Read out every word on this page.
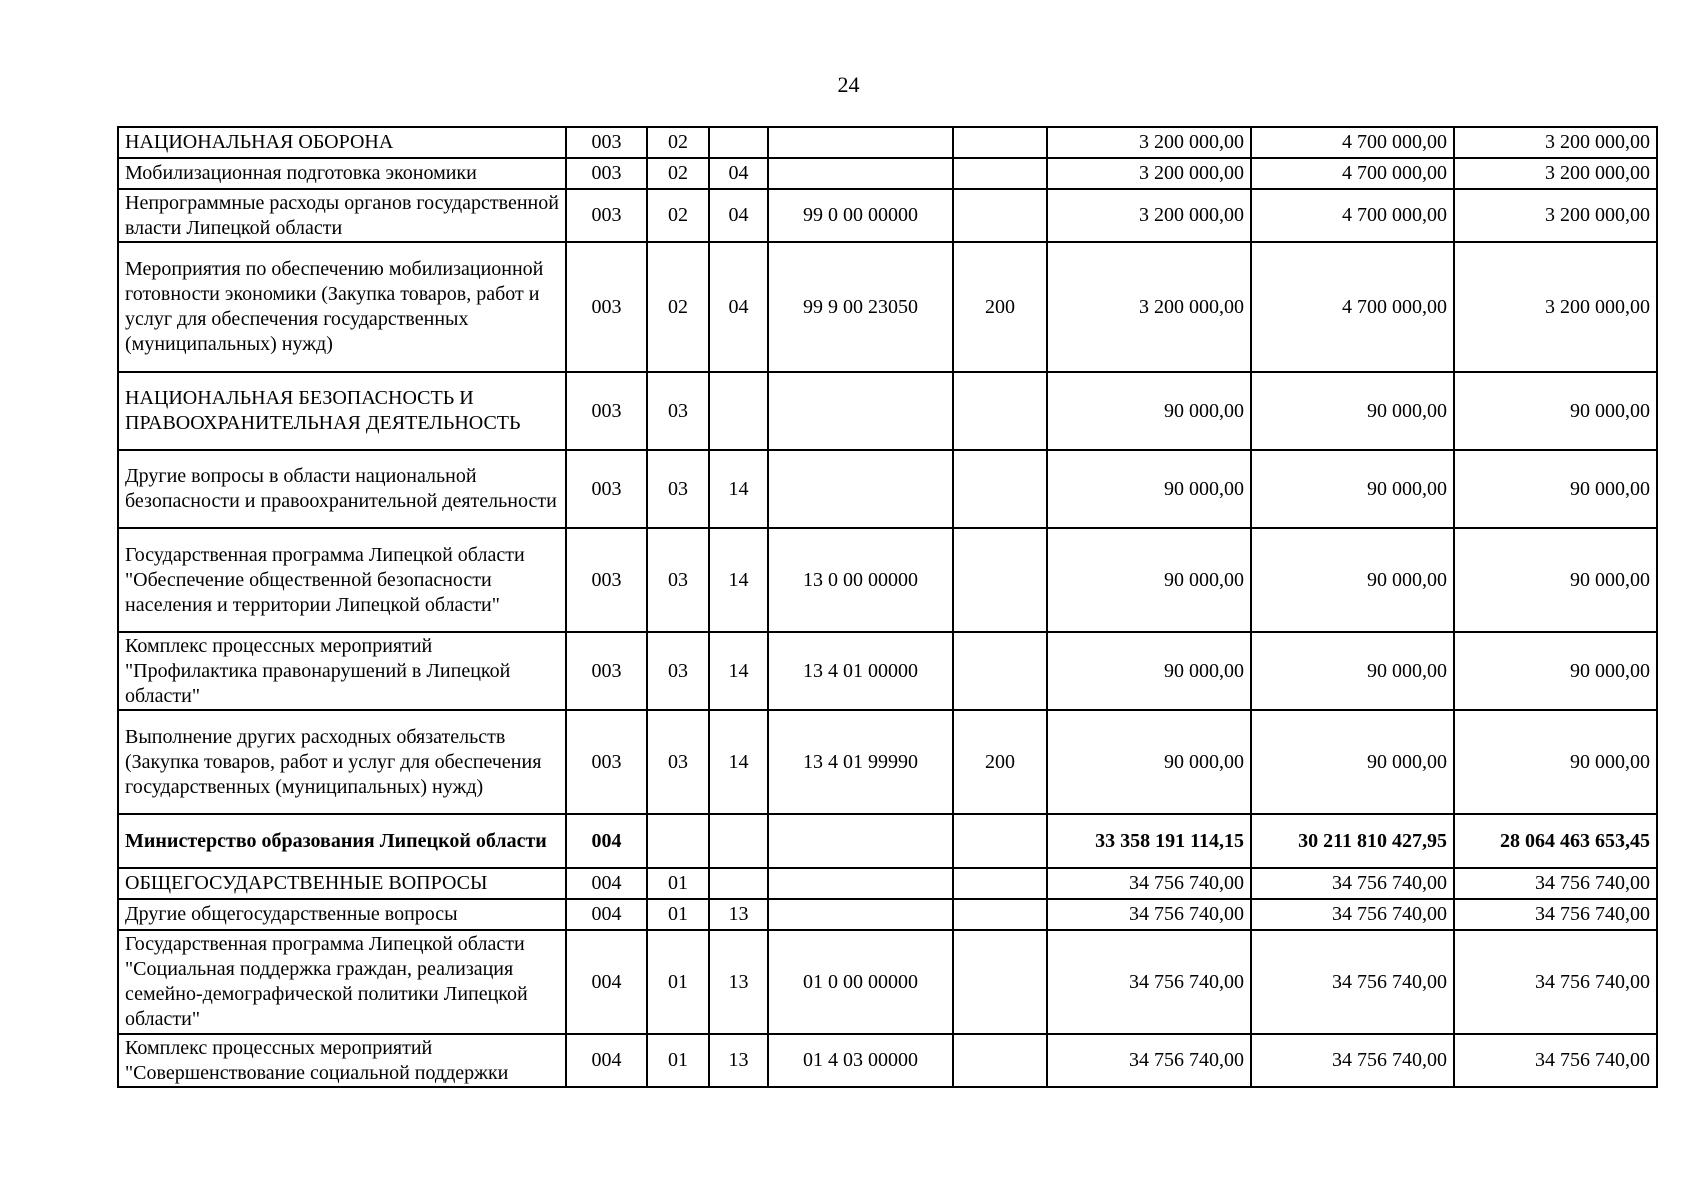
24
НАЦИОНАЛЬНАЯ ОБОРОНА	003	02				3 200 000,00	4 700 000,00	3 200 000,00
Мобилизационная подготовка экономики	003	02	04			3 200 000,00	4 700 000,00	3 200 000,00
Непрограммные расходы органов государственной власти Липецкой области	003	02	04	99 0 00 00000		3 200 000,00	4 700 000,00	3 200 000,00
Мероприятия по обеспечению мобилизационной готовности экономики (Закупка товаров, работ и услуг для обеспечения государственных (муниципальных) нужд)	003	02	04	99 9 00 23050	200	3 200 000,00	4 700 000,00	3 200 000,00
НАЦИОНАЛЬНАЯ БЕЗОПАСНОСТЬ И ПРАВООХРАНИТЕЛЬНАЯ ДЕЯТЕЛЬНОСТЬ	003	03				90 000,00	90 000,00	90 000,00
Другие вопросы в области национальной безопасности и правоохранительной деятельности	003	03	14			90 000,00	90 000,00	90 000,00
Государственная программа Липецкой области "Обеспечение общественной безопасности населения и территории Липецкой области"	003	03	14	13 0 00 00000		90 000,00	90 000,00	90 000,00
Комплекс процессных мероприятий "Профилактика правонарушений в Липецкой области"	003	03	14	13 4 01 00000		90 000,00	90 000,00	90 000,00
Выполнение других расходных обязательств (Закупка товаров, работ и услуг для обеспечения государственных (муниципальных) нужд)	003	03	14	13 4 01 99990	200	90 000,00	90 000,00	90 000,00
Министерство образования Липецкой области	004					33 358 191 114,15	30 211 810 427,95	28 064 463 653,45
ОБЩЕГОСУДАРСТВЕННЫЕ ВОПРОСЫ	004	01				34 756 740,00	34 756 740,00	34 756 740,00
Другие общегосударственные вопросы	004	01	13			34 756 740,00	34 756 740,00	34 756 740,00
Государственная программа Липецкой области "Социальная поддержка граждан, реализация семейно-демографической политики Липецкой области"	004	01	13	01 0 00 00000		34 756 740,00	34 756 740,00	34 756 740,00
Комплекс процессных мероприятий "Совершенствование социальной поддержки	004	01	13	01 4 03 00000		34 756 740,00	34 756 740,00	34 756 740,00
